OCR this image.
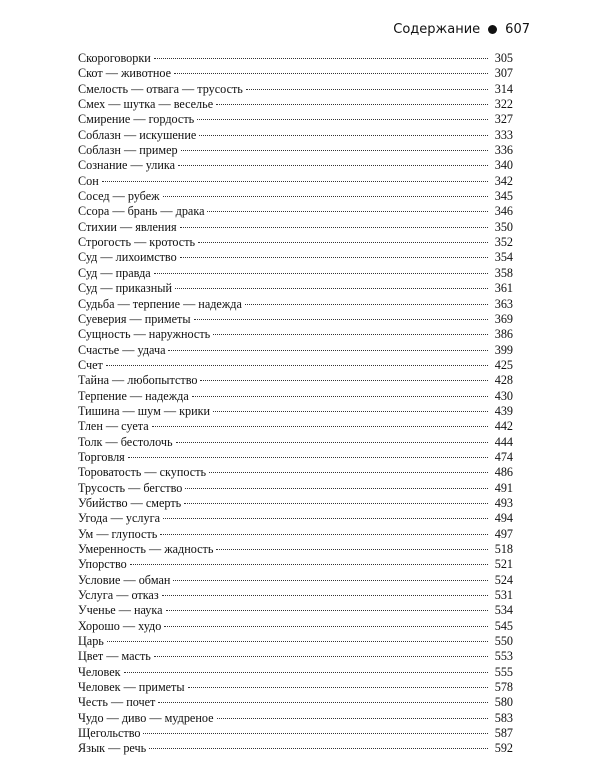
Содержание 607
Скороговорки	305
Скот — животное	307
Смелость — отвага — трусость	314
Смех — шутка — веселье	322
Смирение — гордость	327
Соблазн — искушение	333
Соблазн — пример	336
Сознание — улика	340
Сон	342
Сосед — рубеж	345
Ссора — брань — драка	346
Стихии — явления	350
Строгость — кротость	352
Суд — лихоимство	354
Суд — правда	358
Суд — приказный	361
Судьба — терпение — надежда	363
Суеверия — приметы	369
Сущность — наружность	386
Счастье — удача	399
Счет	425
Тайна — любопытство	428
Терпение — надежда	430
Тишина — шум — крики	439
Тлен — суета	442
Толк — бестолочь	444
Торговля	474
Тороватость — скупость	486
Трусость — бегство	491
Убийство — смерть	493
Угода — услуга	494
Ум — глупость	497
Умеренность — жадность	518
Упорство	521
Условие — обман	524
Услуга — отказ	531
Ученье — наука	534
Хорошо — худо	545
Царь	550
Цвет — масть	553
Человек	555
Человек — приметы	578
Честь — почет	580
Чудо — диво — мудреное	583
Щегольство	587
Язык — речь	592
